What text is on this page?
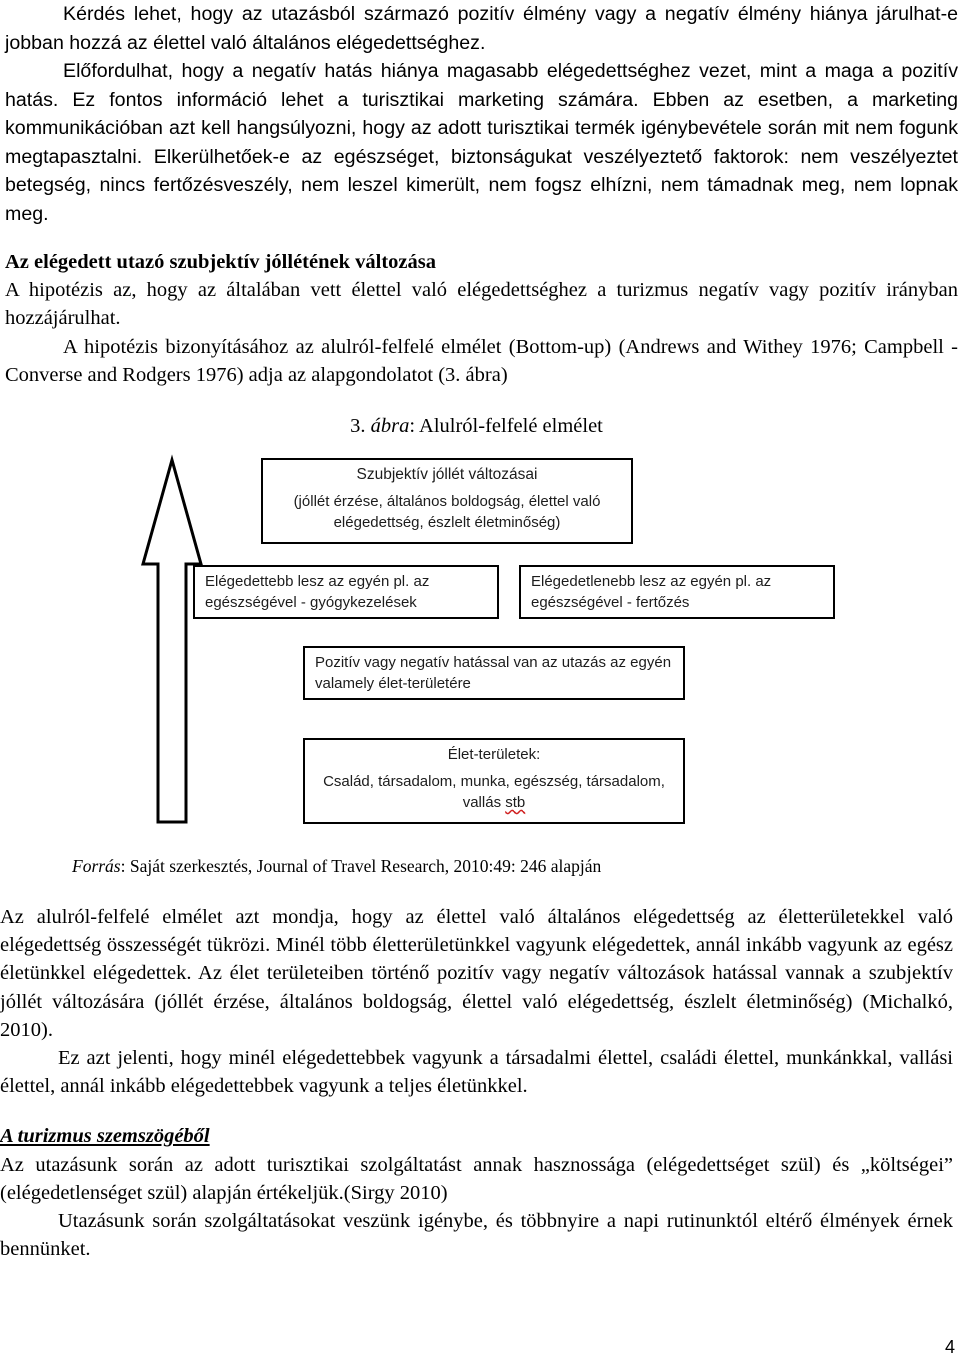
Kérdés lehet, hogy az utazásból származó pozitív élmény vagy a negatív élmény hiánya járulhat-e jobban hozzá az élettel való általános elégedettséghez.

Előfordulhat, hogy a negatív hatás hiánya magasabb elégedettséghez vezet, mint a maga a pozitív hatás. Ez fontos információ lehet a turisztikai marketing számára. Ebben az esetben, a marketing kommunikációban azt kell hangsúlyozni, hogy az adott turisztikai termék igénybevétele során mit nem fogunk megtapasztalni. Elkerülhetőek-e az egészséget, biztonságukat veszélyeztető faktorok: nem veszélyeztet betegség, nincs fertőzésveszély, nem leszel kimerült, nem fogsz elhízni, nem támadnak meg, nem lopnak meg.

Az elégedett utazó szubjektív jóllétének változása

A hipotézis az, hogy az általában vett élettel való elégedettséghez a turizmus negatív vagy pozitív irányban hozzájárulhat.

A hipotézis bizonyításához az alulról-felfelé elmélet (Bottom-up) (Andrews and Withey 1976; Campbell - Converse and Rodgers 1976) adja az alapgondolatot (3. ábra)

3. ábra: Alulról-felfelé elmélet
Szubjektív jóllét változásai
(jóllét érzése, általános boldogság, élettel való elégedettség, észlelt életminőség)
Elégedettebb lesz az egyén pl. az egészségével - gyógykezelések
Elégedetlenebb lesz az egyén pl. az egészségével - fertőzés
Pozitív vagy negatív hatással van az utazás az egyén valamely élet-területére
Élet-területek:
Család, társadalom, munka, egészség, társadalom, vallás stb
Forrás: Saját szerkesztés, Journal of Travel Research, 2010:49: 246 alapján

Az alulról-felfelé elmélet azt mondja, hogy az élettel való általános elégedettség az életterületekkel való elégedettség összességét tükrözi. Minél több életterületünkkel vagyunk elégedettek, annál inkább vagyunk az egész életünkkel elégedettek. Az élet területeiben történő pozitív vagy negatív változások hatással vannak a szubjektív jóllét változására (jóllét érzése, általános boldogság, élettel való elégedettség, észlelt életminőség) (Michalkó, 2010).

Ez azt jelenti, hogy minél elégedettebbek vagyunk a társadalmi élettel, családi élettel, munkánkkal, vallási élettel, annál inkább elégedettebbek vagyunk a teljes életünkkel.

A turizmus szemszögéből

Az utazásunk során az adott turisztikai szolgáltatást annak hasznossága (elégedettséget szül) és „költségei” (elégedetlenséget szül) alapján értékeljük.(Sirgy 2010)

Utazásunk során szolgáltatásokat veszünk igénybe, és többnyire a napi rutinunktól eltérő élmények érnek bennünket.

4
